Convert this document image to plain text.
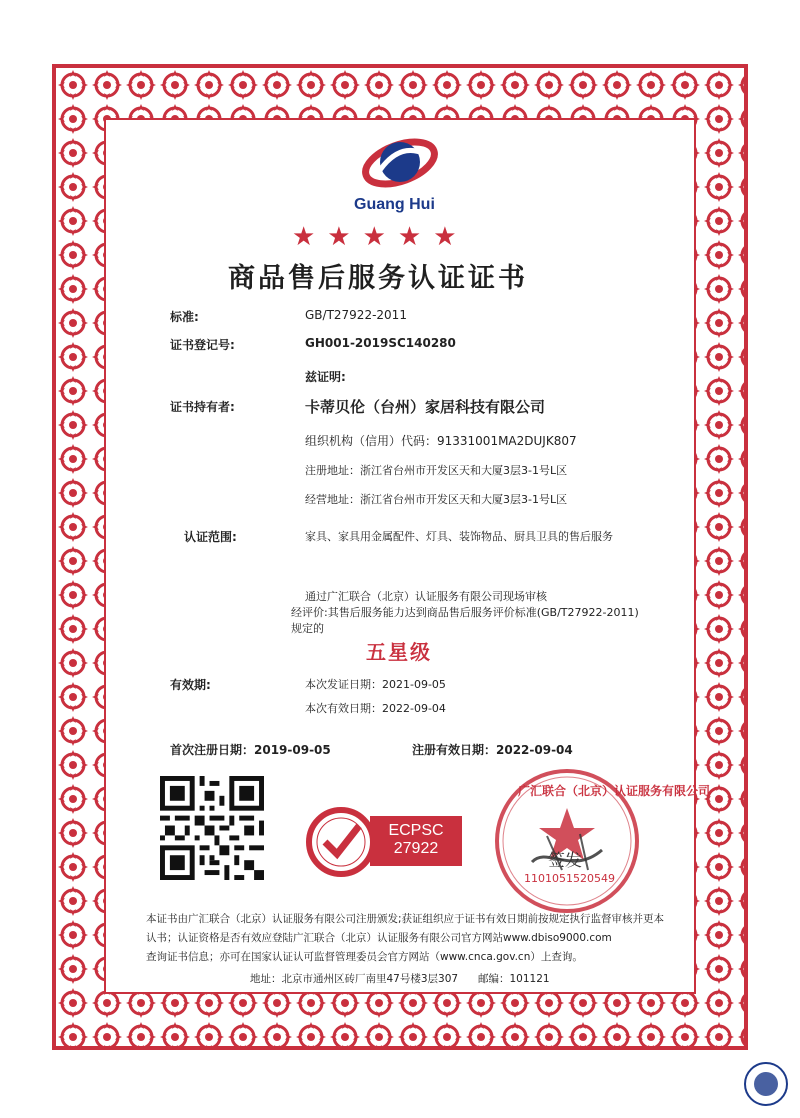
Guang Hui
★★★★★
商品售后服务认证证书
标准:	GB/T27922-2011
证书登记号:	GH001-2019SC140280
兹证明:
证书持有者:	卡蒂贝伦（台州）家居科技有限公司
组织机构（信用）代码：91331001MA2DUJK807
注册地址：浙江省台州市开发区天和大厦3层3-1号L区
经营地址：浙江省台州市开发区天和大厦3层3-1号L区
认证范围:	家具、家具用金属配件、灯具、装饰物品、厨具卫具的售后服务
通过广汇联合（北京）认证服务有限公司现场审核
经评价:其售后服务能力达到商品售后服务评价标准(GB/T27922-2011)
规定的
五星级
有效期:	本次发证日期：2021-09-05
本次有效日期：2022-09-04
首次注册日期：2019-09-05	注册有效日期：2022-09-04
ECPSC
27922
广汇联合（北京）认证服务有限公司
签发
1101051520549
本证书由广汇联合（北京）认证服务有限公司注册颁发;获证组织应于证书有效日期前按规定执行监督审核并更本
认书；认证资格是否有效应登陆广汇联合（北京）认证服务有限公司官方网站www.dbiso9000.com
查询证书信息；亦可在国家认证认可监督管理委员会官方网站（www.cnca.gov.cn）上查询。
地址：北京市通州区砖厂南里47号楼3层307 邮编：101121
